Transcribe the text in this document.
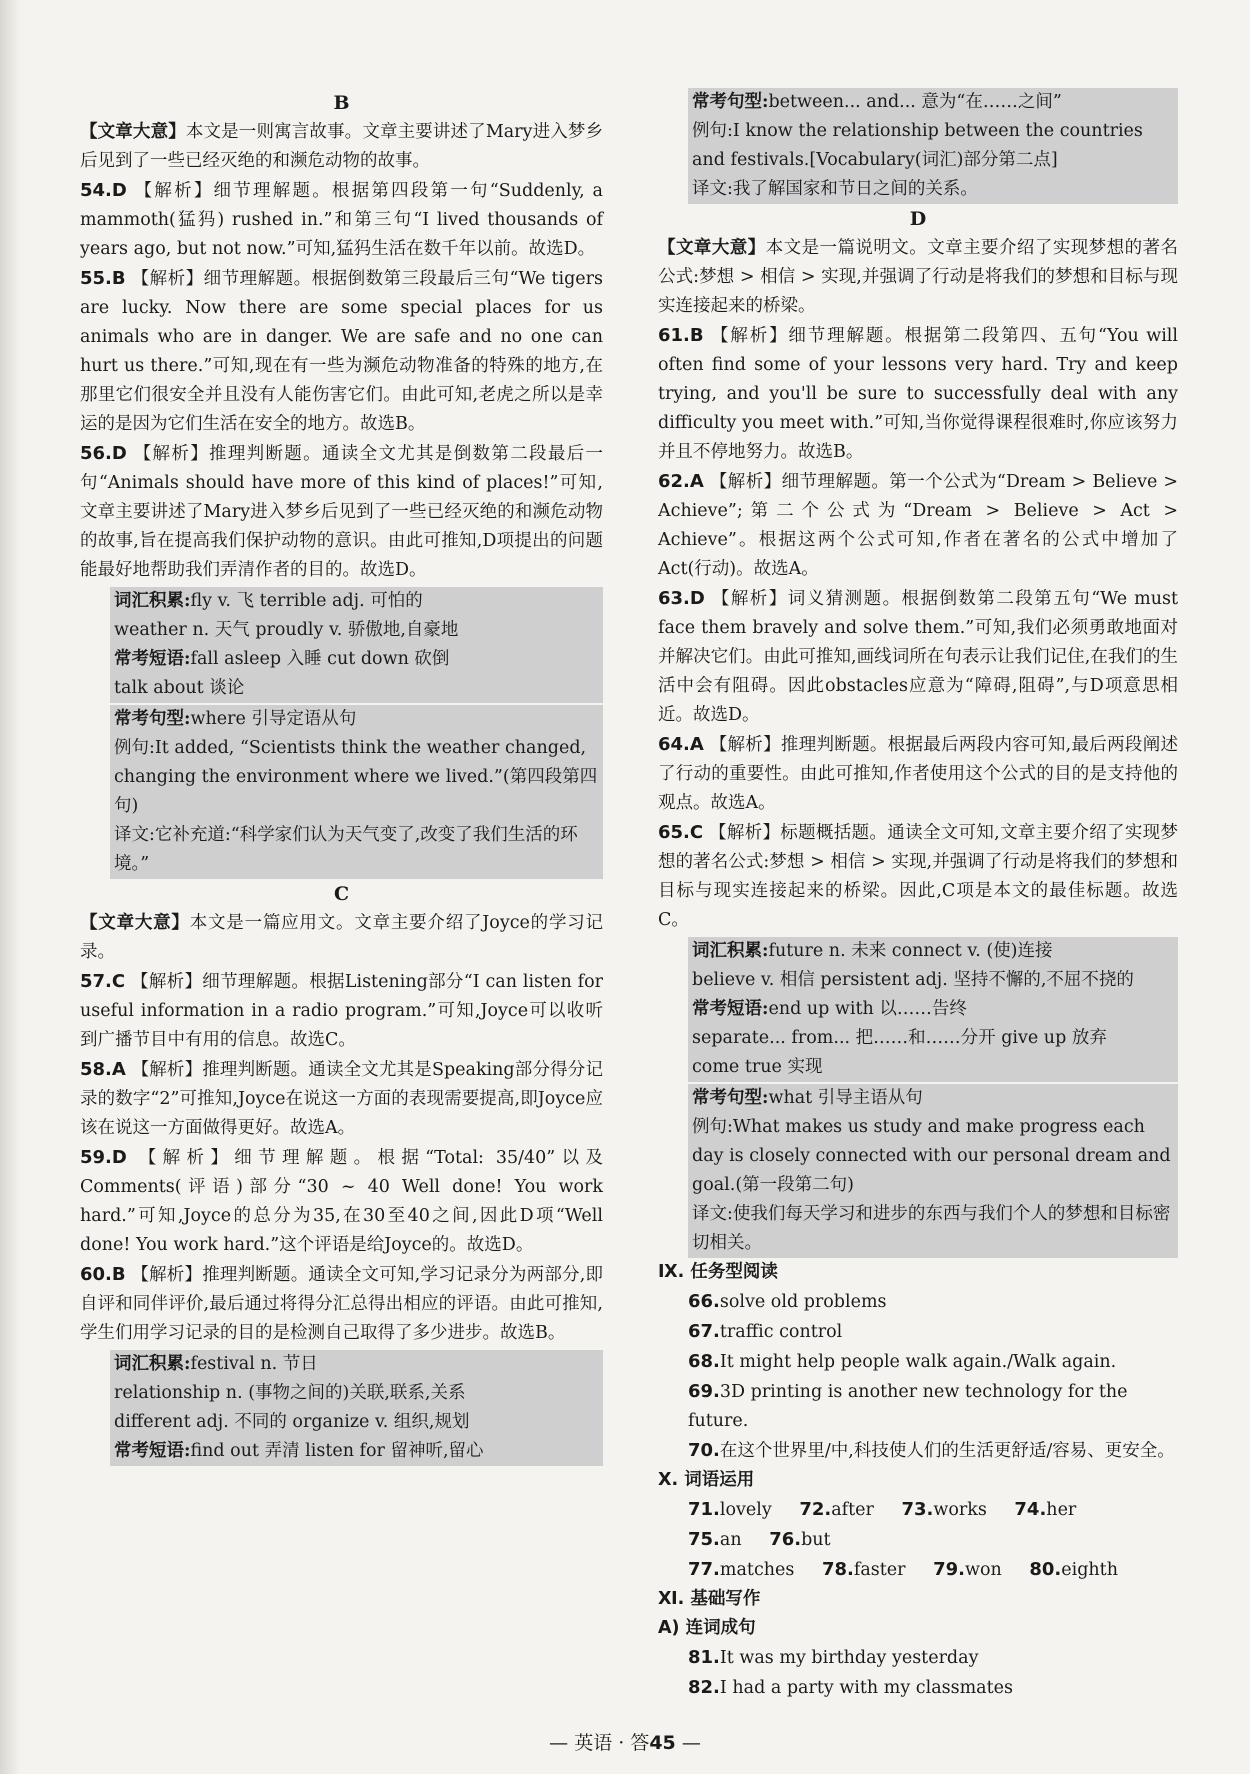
B

【文章大意】本文是一则寓言故事。文章主要讲述了Mary进入梦乡后见到了一些已经灭绝的和濒危动物的故事。

54.D 【解析】细节理解题。根据第四段第一句“Suddenly, a mammoth(猛犸) rushed in.”和第三句“I lived thousands of years ago, but not now.”可知,猛犸生活在数千年以前。故选D。

55.B 【解析】细节理解题。根据倒数第三段最后三句“We tigers are lucky. Now there are some special places for us animals who are in danger. We are safe and no one can hurt us there.”可知,现在有一些为濒危动物准备的特殊的地方,在那里它们很安全并且没有人能伤害它们。由此可知,老虎之所以是幸运的是因为它们生活在安全的地方。故选B。

56.D 【解析】推理判断题。通读全文尤其是倒数第二段最后一句“Animals should have more of this kind of places!”可知,文章主要讲述了Mary进入梦乡后见到了一些已经灭绝的和濒危动物的故事,旨在提高我们保护动物的意识。由此可推知,D项提出的问题能最好地帮助我们弄清作者的目的。故选D。

词汇积累:fly v. 飞 terrible adj. 可怕的
weather n. 天气 proudly v. 骄傲地,自豪地
常考短语:fall asleep 入睡 cut down 砍倒
talk about 谈论
常考句型:where 引导定语从句
例句:It added, “Scientists think the weather changed, changing the environment where we lived.”(第四段第四句)
译文:它补充道:“科学家们认为天气变了,改变了我们生活的环境。”
C

【文章大意】本文是一篇应用文。文章主要介绍了Joyce的学习记录。

57.C 【解析】细节理解题。根据Listening部分“I can listen for useful information in a radio program.”可知,Joyce可以收听到广播节目中有用的信息。故选C。

58.A 【解析】推理判断题。通读全文尤其是Speaking部分得分记录的数字“2”可推知,Joyce在说这一方面的表现需要提高,即Joyce应该在说这一方面做得更好。故选A。

59.D 【解析】细节理解题。根据“Total: 35/40”以及Comments(评语)部分“30 ~ 40 Well done! You work hard.”可知,Joyce的总分为35,在30至40之间,因此D项“Well done! You work hard.”这个评语是给Joyce的。故选D。

60.B 【解析】推理判断题。通读全文可知,学习记录分为两部分,即自评和同伴评价,最后通过将得分汇总得出相应的评语。由此可推知,学生们用学习记录的目的是检测自己取得了多少进步。故选B。

词汇积累:festival n. 节日
relationship n. (事物之间的)关联,联系,关系
different adj. 不同的 organize v. 组织,规划
常考短语:find out 弄清 listen for 留神听,留心
常考句型:between... and... 意为“在……之间”
例句:I know the relationship between the countries and festivals.[Vocabulary(词汇)部分第二点]
译文:我了解国家和节日之间的关系。
D

【文章大意】本文是一篇说明文。文章主要介绍了实现梦想的著名公式:梦想 > 相信 > 实现,并强调了行动是将我们的梦想和目标与现实连接起来的桥梁。

61.B 【解析】细节理解题。根据第二段第四、五句“You will often find some of your lessons very hard. Try and keep trying, and you'll be sure to successfully deal with any difficulty you meet with.”可知,当你觉得课程很难时,你应该努力并且不停地努力。故选B。

62.A 【解析】细节理解题。第一个公式为“Dream > Believe > Achieve”;第二个公式为“Dream > Believe > Act > Achieve”。根据这两个公式可知,作者在著名的公式中增加了Act(行动)。故选A。

63.D 【解析】词义猜测题。根据倒数第二段第五句“We must face them bravely and solve them.”可知,我们必须勇敢地面对并解决它们。由此可推知,画线词所在句表示让我们记住,在我们的生活中会有阻碍。因此obstacles应意为“障碍,阻碍”,与D项意思相近。故选D。

64.A 【解析】推理判断题。根据最后两段内容可知,最后两段阐述了行动的重要性。由此可推知,作者使用这个公式的目的是支持他的观点。故选A。

65.C 【解析】标题概括题。通读全文可知,文章主要介绍了实现梦想的著名公式:梦想 > 相信 > 实现,并强调了行动是将我们的梦想和目标与现实连接起来的桥梁。因此,C项是本文的最佳标题。故选C。

词汇积累:future n. 未来 connect v. (使)连接
believe v. 相信 persistent adj. 坚持不懈的,不屈不挠的
常考短语:end up with 以……告终
separate... from... 把……和……分开 give up 放弃
come true 实现
常考句型:what 引导主语从句
例句:What makes us study and make progress each day is closely connected with our personal dream and goal.(第一段第二句)
译文:使我们每天学习和进步的东西与我们个人的梦想和目标密切相关。
Ⅸ. 任务型阅读
66.solve old problems
67.traffic control
68.It might help people walk again./Walk again.
69.3D printing is another new technology for the future.
70.在这个世界里/中,科技使人们的生活更舒适/容易、更安全。
Ⅹ. 词语运用
71.lovely 72.after 73.works 74.her 75.an 76.but
77.matches 78.faster 79.won 80.eighth
Ⅺ. 基础写作
A) 连词成句
81.It was my birthday yesterday
82.I had a party with my classmates
— 英语 · 答45 —
